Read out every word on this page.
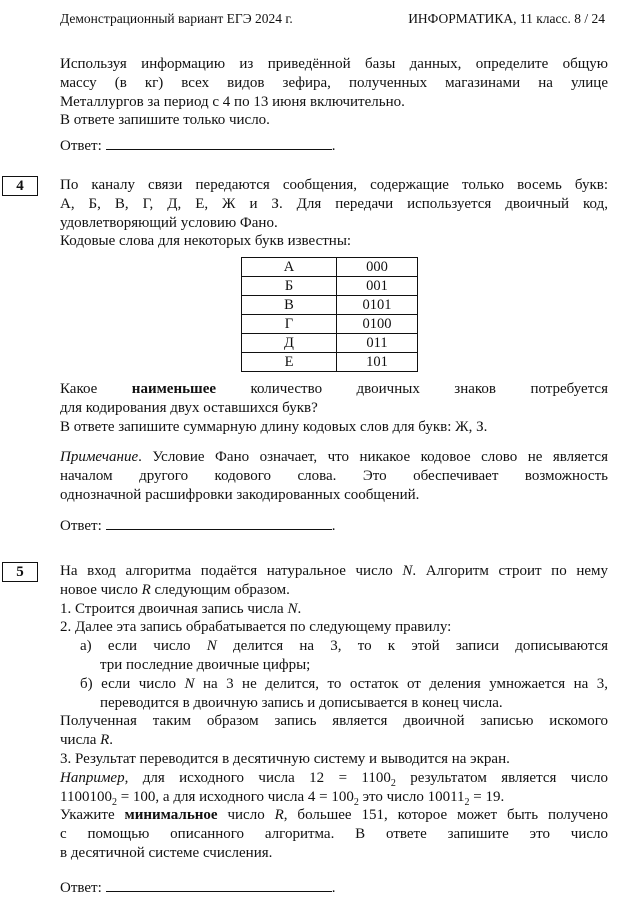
Демонстрационный вариант ЕГЭ 2024 г.	ИНФОРМАТИКА, 11 класс. 8 / 24
Используя информацию из приведённой базы данных, определите общую
массу (в кг) всех видов зефира, полученных магазинами на улице
Металлургов за период с 4 по 13 июня включительно.
В ответе запишите только число.
Ответ:	.
4	По каналу связи передаются сообщения, содержащие только восемь букв:
А, Б, В, Г, Д, Е, Ж и З. Для передачи используется двоичный код,
удовлетворяющий условию Фано.
Кодовые слова для некоторых букв известны:
А	000
Б	001
В	0101
Г	0100
Д	011
Е	101
Какое наименьшее количество двоичных знаков потребуется
для кодирования двух оставшихся букв?
В ответе запишите суммарную длину кодовых слов для букв: Ж, З.
Примечание. Условие Фано означает, что никакое кодовое слово не является
началом другого кодового слова. Это обеспечивает возможность
однозначной расшифровки закодированных сообщений.
Ответ:	.
5	На вход алгоритма подаётся натуральное число N. Алгоритм строит по нему
новое число R следующим образом.
1. Строится двоичная запись числа N.
2. Далее эта запись обрабатывается по следующему правилу:
а) если число N делится на 3, то к этой записи дописываются
три последние двоичные цифры;
б) если число N на 3 не делится, то остаток от деления умножается на 3,
переводится в двоичную запись и дописывается в конец числа.
Полученная таким образом запись является двоичной записью искомого
числа R.
3. Результат переводится в десятичную систему и выводится на экран.
Например, для исходного числа $12 = 1100_2$ результатом является число
$1100100_2 = 100$, а для исходного числа $4 = 100_2$ это число $10011_2 = 19$.
Укажите минимальное число R, большее 151, которое может быть получено
с помощью описанного алгоритма. В ответе запишите это число
в десятичной системе счисления.
Ответ:	.
